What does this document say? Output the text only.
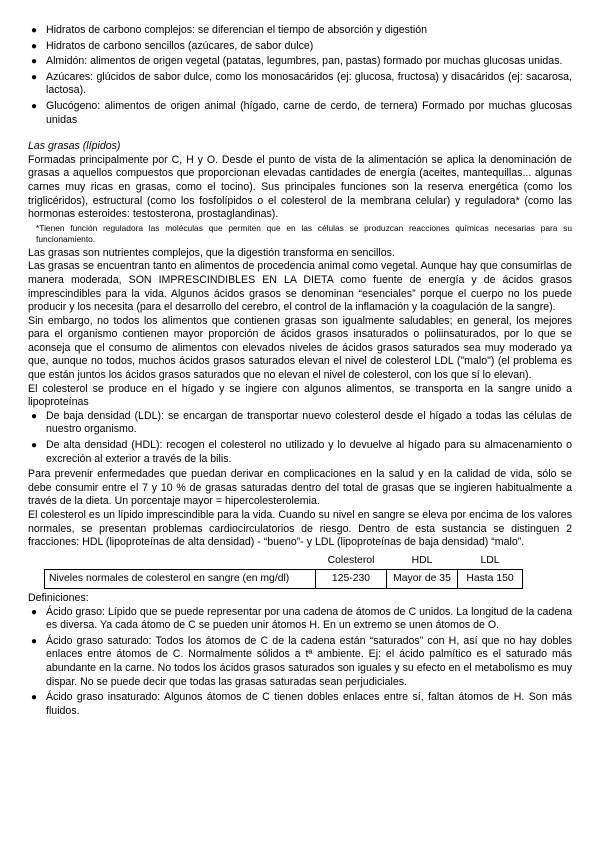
● Hidratos de carbono complejos: se diferencian el tiempo de absorción y digestión
● Hidratos de carbono sencillos (azúcares, de sabor dulce)
● Almidón: alimentos de origen vegetal (patatas, legumbres, pan, pastas) formado por muchas glucosas unidas.
● Azúcares: glúcidos de sabor dulce, como los monosacáridos (ej: glucosa, fructosa) y disacáridos (ej: sacarosa, lactosa).
● Glucógeno: alimentos de origen animal (hígado, carne de cerdo, de ternera) Formado por muchas glucosas unidas
Las grasas (lípidos)

Formadas principalmente por C, H y O. Desde el punto de vista de la alimentación se aplica la denominación de grasas a aquellos compuestos que proporcionan elevadas cantidades de energía (aceites, mantequillas... algunas carnes muy ricas en grasas, como el tocino). Sus principales funciones son la reserva energética (como los triglicéridos), estructural (como los fosfolípidos o el colesterol de la membrana celular) y reguladora* (como las hormonas esteroides: testosterona, prostaglandinas).

*Tienen función reguladora las moléculas que permiten que en las células se produzcan reacciones químicas necesarias para su funcionamiento.

Las grasas son nutrientes complejos, que la digestión transforma en sencillos.

Las grasas se encuentran tanto en alimentos de procedencia animal como vegetal. Aunque hay que consumirlas de manera moderada, SON IMPRESCINDIBLES EN LA DIETA como fuente de energía y de ácidos grasos imprescindibles para la vida. Algunos ácidos grasos se denominan “esenciales” porque el cuerpo no los puede producir y los necesita (para el desarrollo del cerebro, el control de la inflamación y la coagulación de la sangre).

Sin embargo, no todos los alimentos que contienen grasas son igualmente saludables; en general, los mejores para el organismo contienen mayor proporción de ácidos grasos insaturados o poliinsaturados, por lo que se aconseja que el consumo de alimentos con elevados niveles de ácidos grasos saturados sea muy moderado ya que, aunque no todos, muchos ácidos grasos saturados elevan el nivel de colesterol LDL ("malo") (el problema es que están juntos los ácidos grasos saturados que no elevan el nivel de colesterol, con los que sí lo elevan).

El colesterol se produce en el hígado y se ingiere con algunos alimentos, se transporta en la sangre unido a lipoproteínas

● De baja densidad (LDL): se encargan de transportar nuevo colesterol desde el hígado a todas las células de nuestro organismo.
● De alta densidad (HDL): recogen el colesterol no utilizado y lo devuelve al hígado para su almacenamiento o excreción al exterior a través de la bilis.

Para prevenir enfermedades que puedan derivar en complicaciones en la salud y en la calidad de vida, sólo se debe consumir entre el 7 y 10 % de grasas saturadas dentro del total de grasas que se ingieren habitualmente a través de la dieta. Un porcentaje mayor = hipercolesterolemia.

El colesterol es un lípido imprescindible para la vida. Cuando su nivel en sangre se eleva por encima de los valores normales, se presentan problemas cardiocirculatorios de riesgo. Dentro de esta sustancia se distinguen 2 fracciones: HDL (lipoproteínas de alta densidad) - “bueno”- y LDL (lipoproteínas de baja densidad) “malo”.

	Colesterol	HDL	LDL
Niveles normales de colesterol en sangre (en mg/dl)	125-230	Mayor de 35	Hasta 150
Definiciones:
● Ácido graso: Lípido que se puede representar por una cadena de átomos de C unidos. La longitud de la cadena es diversa. Ya cada átomo de C se pueden unir átomos H. En un extremo se unen átomos de O.
● Ácido graso saturado: Todos los átomos de C de la cadena están “saturados” con H, así que no hay dobles enlaces entre átomos de C. Normalmente sólidos a tª ambiente. Ej: el ácido palmítico es el saturado más abundante en la carne. No todos los ácidos grasos saturados son iguales y su efecto en el metabolismo es muy dispar. No se puede decir que todas las grasas saturadas sean perjudiciales.
● Ácido graso insaturado: Algunos átomos de C tienen dobles enlaces entre sí, faltan átomos de H. Son más fluidos.
